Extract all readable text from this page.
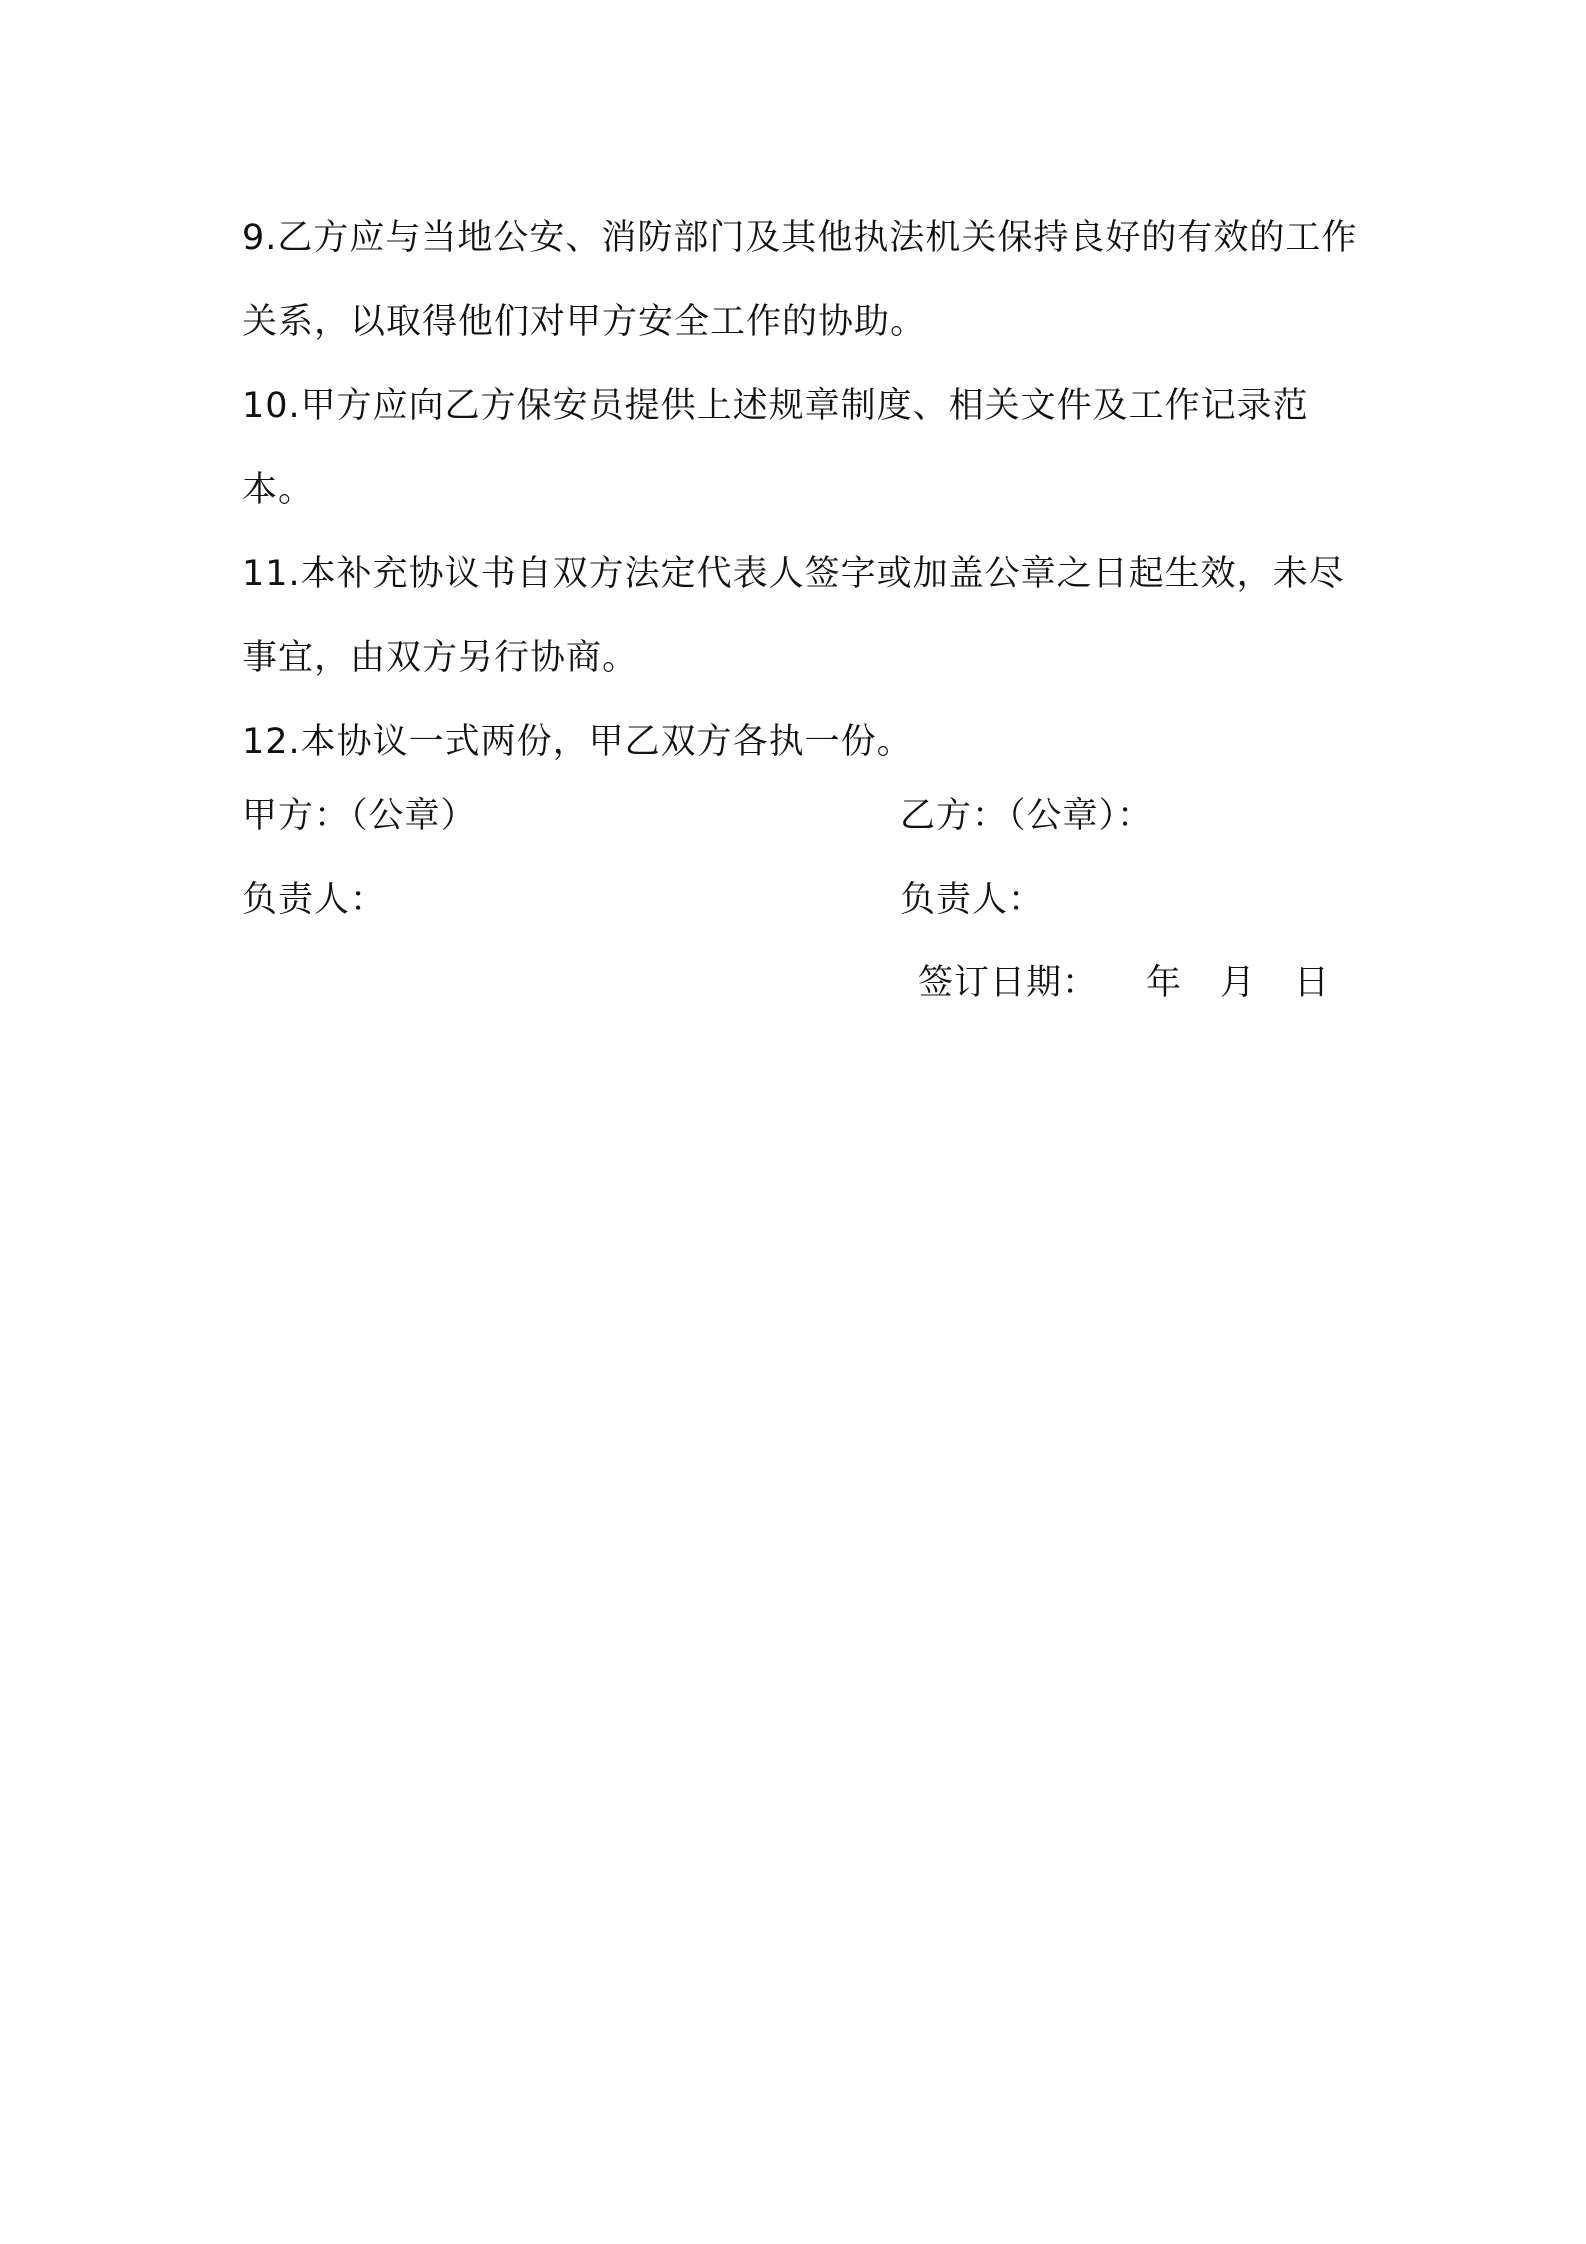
9.乙方应与当地公安、消防部门及其他执法机关保持良好的有效的工作关系，以取得他们对甲方安全工作的协助。

10.甲方应向乙方保安员提供上述规章制度、相关文件及工作记录范本。

11.本补充协议书自双方法定代表人签字或加盖公章之日起生效，未尽事宜，由双方另行协商。

12.本协议一式两份，甲乙双方各执一份。

甲方：（公章）	乙方：（公章）：
负责人：	负责人：
签订日期： 年 月 日
